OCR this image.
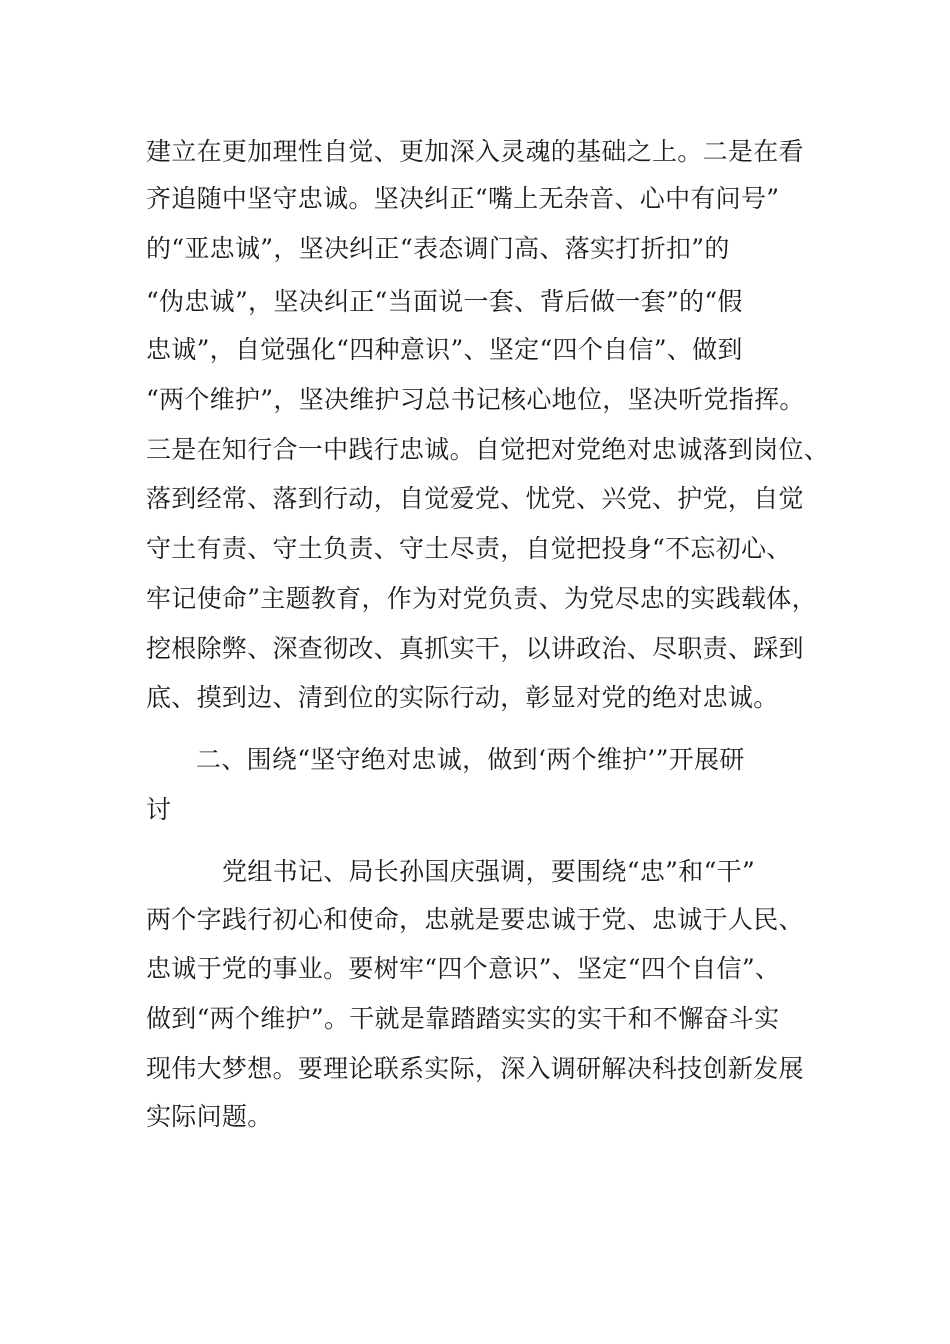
建立在更加理性自觉、更加深入灵魂的基础之上。二是在看
齐追随中坚守忠诚。坚决纠正“嘴上无杂音、心中有问号”
的“亚忠诚”，坚决纠正“表态调门高、落实打折扣”的
“伪忠诚”，坚决纠正“当面说一套、背后做一套”的“假
忠诚”，自觉强化“四种意识”、坚定“四个自信”、做到
“两个维护”，坚决维护习总书记核心地位，坚决听党指挥。
三是在知行合一中践行忠诚。自觉把对党绝对忠诚落到岗位、
落到经常、落到行动，自觉爱党、忧党、兴党、护党，自觉
守土有责、守土负责、守土尽责，自觉把投身“不忘初心、
牢记使命”主题教育，作为对党负责、为党尽忠的实践载体，
挖根除弊、深查彻改、真抓实干，以讲政治、尽职责、踩到
底、摸到边、清到位的实际行动，彰显对党的绝对忠诚。
二、围绕“坚守绝对忠诚，做到‘两个维护’”开展研
讨
党组书记、局长孙国庆强调，要围绕“忠”和“干”
两个字践行初心和使命，忠就是要忠诚于党、忠诚于人民、
忠诚于党的事业。要树牢“四个意识”、坚定“四个自信”、
做到“两个维护”。干就是靠踏踏实实的实干和不懈奋斗实
现伟大梦想。要理论联系实际，深入调研解决科技创新发展
实际问题。
